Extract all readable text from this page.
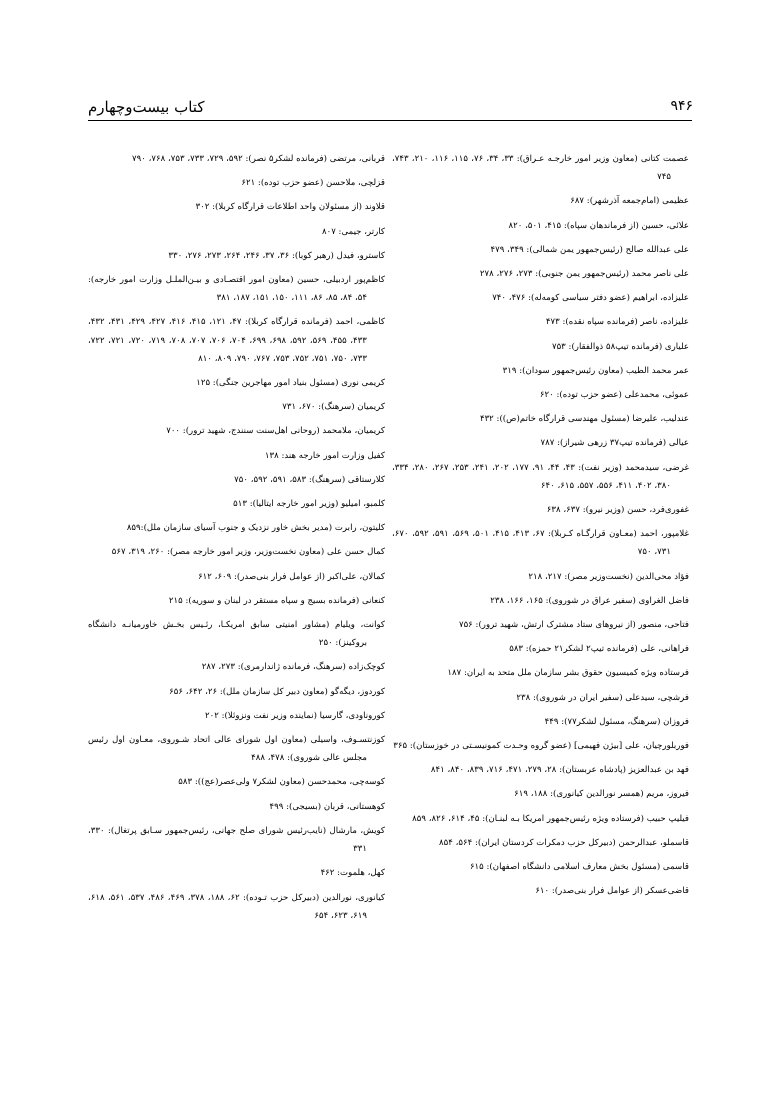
۹۴۶
کتاب بیست‌وچهارم

عصمت کتانی (معاون وزیر امور خارجـه عـراق): ۳۳، ۳۴، ۷۶، ۱۱۵، ۱۱۶، ۲۱۰، ۷۴۳، ۷۴۵

عظیمی (امام‌جمعه آذرشهر): ۶۸۷

علائی، حسین (از فرماندهان سپاه): ۴۱۵، ۵۰۱، ۸۲۰

علی عبدالله صالح (رئیس‌جمهور یمن شمالی): ۳۴۹، ۴۷۹

علی ناصر محمد (رئیس‌جمهور یمن جنوبی): ۲۷۳، ۲۷۶، ۲۷۸

علیزاده، ابراهیم (عضو دفتر سیاسی کومه‌له): ۴۷۶، ۷۴۰

علیزاده، ناصر (فرمانده سپاه نقده): ۴۷۳

علیاری (فرمانده تیپ۵۸ ذوالفقار): ۷۵۳

عمر محمد الطیب (معاون رئیس‌جمهور سودان): ۳۱۹

عموئی، محمدعلی (عضو حزب توده): ۶۲۰

عندلیب، علیرضا (مسئول مهندسی قرارگاه خاتم(ص)): ۴۳۲

عیالی (فرمانده تیپ۳۷ زرهی شیراز): ۷۸۷

غرضی، سیدمحمد (وزیر نفت): ۴۳، ۴۴، ۹۱، ۱۷۷، ۲۰۲، ۲۴۱، ۲۵۳، ۲۶۷، ۲۸۰، ۳۳۴، ۳۸۰، ۴۰۲، ۴۱۱، ۵۵۶، ۵۵۷، ۶۱۵، ۶۴۰

غفوری‌فرد، حسن (وزیر نیرو): ۶۳۷، ۶۳۸

غلامپور، احمد (معـاون قرارگـاه کـربلا): ۶۷، ۴۱۳، ۴۱۵، ۵۰۱، ۵۶۹، ۵۹۱، ۵۹۲، ۶۷۰، ۷۳۱، ۷۵۰

فؤاد محی‌الدین (نخست‌وزیر مصر): ۲۱۷، ۲۱۸

فاضل الغراوی (سفیر عراق در شوروی): ۱۶۵، ۱۶۶، ۲۳۸

فتاحی، منصور (از نیروهای ستاد مشترک ارتش، شهید ترور): ۷۵۶

فراهانی، علی (فرمانده تیپ۲ لشکر۲۱ حمزه): ۵۸۳

فرستاده ویژه کمیسیون حقوق بشر سازمان ملل متحد به ایران: ۱۸۷

فرشچی، سیدعلی (سفیر ایران در شوروی): ۲۳۸

فروزان (سرهنگ، مسئول لشکر۷۷): ۴۴۹

فوربلورچیان، علی [بیژن فهیمی] (عضو گروه وحـدت کمونیسـتی در خوزستان): ۳۶۵

فهد بن عبدالعزیز (پادشاه عربستان): ۲۸، ۲۷۹، ۴۷۱، ۷۱۶، ۸۳۹، ۸۴۰، ۸۴۱

فیروز، مریم (همسر نورالدین کیانوری): ۱۸۸، ۶۱۹

فیلیپ حبیب (فرستاده ویژه رئیس‌جمهور امریکا بـه لبنـان): ۴۵، ۶۱۴، ۸۲۶، ۸۵۹

قاسملو، عبدالرحمن (دبیرکل حزب دمکرات کردستان ایران): ۵۶۴، ۸۵۴

قاسمی (مسئول بخش معارف اسلامی دانشگاه اصفهان): ۶۱۵

قاضی‌عسکر (از عوامل فرار بنی‌صدر): ۶۱۰

قربانی، مرتضی (فرمانده لشکر۵ نصر): ۵۹۲، ۷۲۹، ۷۳۳، ۷۵۳، ۷۶۸، ۷۹۰

قزلچی، ملاحسن (عضو حزب توده): ۶۲۱

قلاوند (از مسئولان واحد اطلاعات قرارگاه کربلا): ۳۰۲

کارتر، جیمی: ۸۰۷

کاسترو، فیدل (رهبر کوبا): ۳۶، ۳۷، ۲۴۶، ۲۶۴، ۲۷۳، ۲۷۶، ۳۳۰

کاظم‌پور اردبیلی، حسین (معاون امور اقتصـادی و بیـن‌الملـل وزارت امور خارجه): ۵۴، ۸۴، ۸۵، ۸۶، ۱۱۱، ۱۵۰، ۱۵۱، ۱۸۷، ۳۸۱

کاظمی، احمد (فرمانده قرارگاه کربلا): ۴۷، ۱۲۱، ۴۱۵، ۴۱۶، ۴۲۷، ۴۲۹، ۴۳۱، ۴۳۲، ۴۳۳، ۴۵۵، ۵۶۹، ۵۹۲، ۶۹۸، ۶۹۹، ۷۰۴، ۷۰۶، ۷۰۷، ۷۰۸، ۷۱۹، ۷۲۰، ۷۲۱، ۷۲۲، ۷۳۳، ۷۵۰، ۷۵۱، ۷۵۲، ۷۵۳، ۷۶۷، ۷۹۰، ۸۰۹، ۸۱۰

کریمی نوری (مسئول بنیاد امور مهاجرین جنگی): ۱۲۵

کریمیان (سرهنگ): ۶۷۰، ۷۳۱

کریمیان، ملامحمد (روحانی اهل‌سنت سنندج، شهید ترور): ۷۰۰

کفیل وزارت امور خارجه هند: ۱۳۸

کلارستاقی (سرهنگ): ۵۸۳، ۵۹۱، ۵۹۲، ۷۵۰

کلمبو، امیلیو (وزیر امور خارجه ایتالیا): ۵۱۳

کلیتون، رابرت (مدیر بخش خاور نزدیک و جنوب آسیای سازمان ملل):۸۵۹

کمال حسن علی (معاون نخست‌وزیر، وزیر امور خارجه مصر): ۲۶۰، ۳۱۹، ۵۶۷

کمالان، علی‌اکبر (از عوامل فرار بنی‌صدر): ۶۰۹، ۶۱۲

کنعانی (فرمانده بسیج و سپاه مستقر در لبنان و سوریه): ۲۱۵

کوانت، ویلیام (مشاور امنیتی سابق امریکـا، رئـیس بخـش خاورمیانـه دانشگاه بروکینز): ۲۵۰

کوچک‌زاده (سرهنگ، فرمانده ژاندارمری): ۲۷۳، ۲۸۷

کوردوز، دیگه‌گو (معاون دبیر کل سازمان ملل): ۲۶، ۶۴۲، ۶۵۶

کوروناودی، گارسیا (نماینده وزیر نفت ونزوئلا): ۲۰۲

کوزنتسـوف، واسیلی (معاون اول شورای عالی اتحاد شـوروی، معـاون اول رئیس مجلس عالی شوروی): ۴۷۸، ۴۸۸

کوسه‌چی، محمدحسن (معاون لشکر۷ ولی‌عصر(عج)): ۵۸۳

کوهستانی، قربان (بسیجی): ۴۹۹

کویش، مارشال (نایب‌رئیس شورای صلح جهانی، رئیس‌جمهور سـابق پرتغال): ۳۳۰، ۳۳۱

کهل، هلموت: ۴۶۲

کیانوری، نورالدین (دبیرکل حزب تـوده): ۶۲، ۱۸۸، ۳۷۸، ۴۶۹، ۴۸۶، ۵۳۷، ۵۶۱، ۶۱۸، ۶۱۹، ۶۲۳، ۶۵۴
